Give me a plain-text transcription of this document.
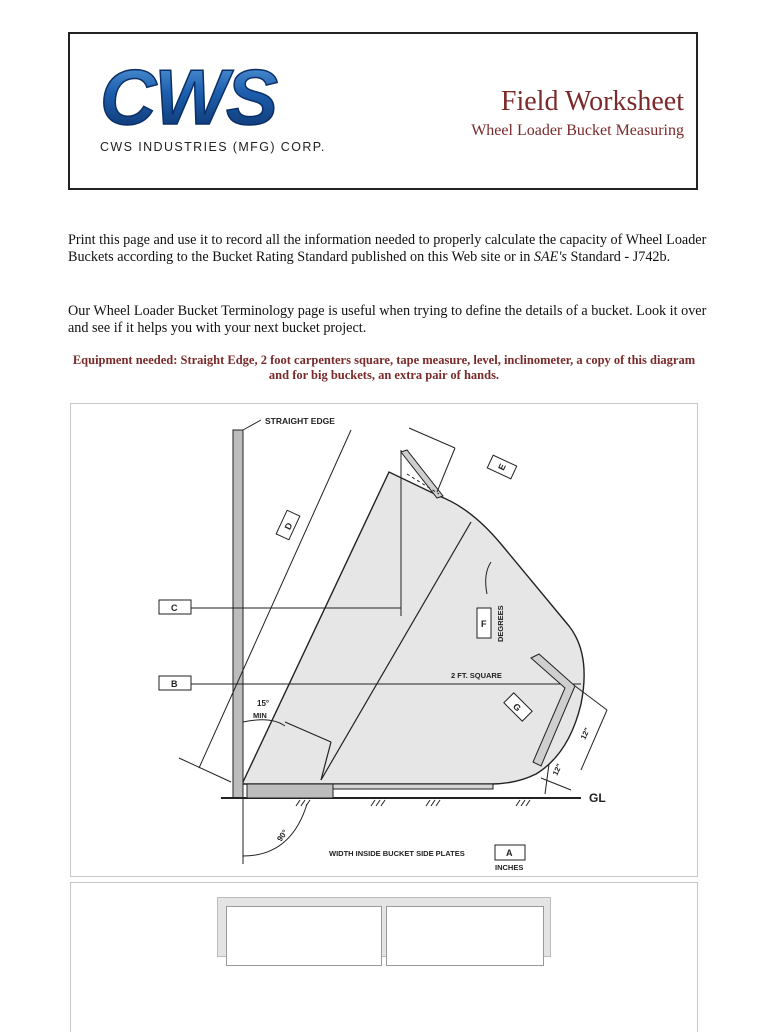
CWS
CWS INDUSTRIES (MFG) CORP.
Field Worksheet
Wheel Loader Bucket Measuring

Print this page and use it to record all the information needed to properly calculate the capacity of Wheel Loader Buckets according to the Bucket Rating Standard published on this Web site or in SAE's Standard - J742b.

Our Wheel Loader Bucket Terminology page is useful when trying to define the details of a bucket. Look it over and see if it helps you with your next bucket project.

Equipment needed: Straight Edge, 2 foot carpenters square, tape measure, level, inclinometer, a copy of this diagram and for big buckets, an extra pair of hands.

STRAIGHT EDGE
GL
C
B
2 FT. SQUARE
D
E
F DEGREES
G
12"
12"
15°
MIN
90°
WIDTH INSIDE BUCKET SIDE PLATES	A
INCHES
